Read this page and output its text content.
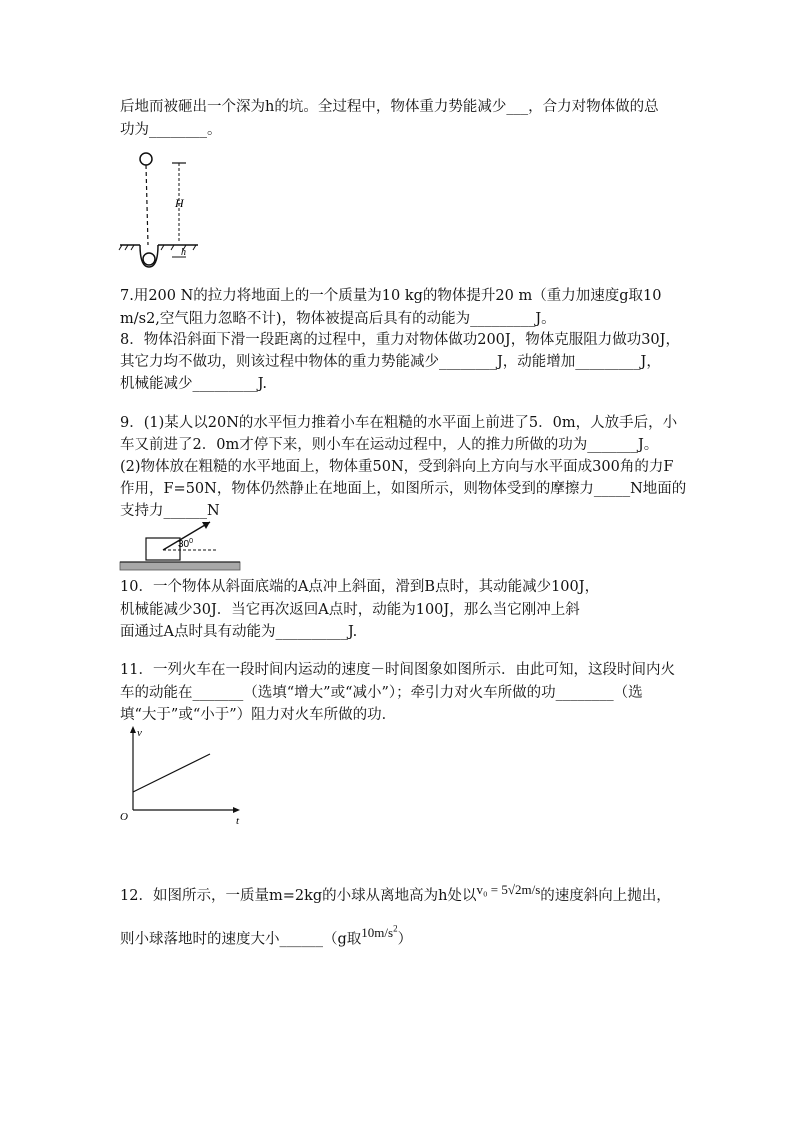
后地而被砸出一个深为h的坑。全过程中，物体重力势能减少___，合力对物体做的总
功为________。
H
h
7.用200 N的拉力将地面上的一个质量为10 kg的物体提升20 m（重力加速度g取10
m/s2,空气阻力忽略不计)，物体被提高后具有的动能为_________J。
8．物体沿斜面下滑一段距离的过程中，重力对物体做功200J，物体克服阻力做功30J，
其它力均不做功，则该过程中物体的重力势能减少________J，动能增加_________J，
机械能减少_________J.
9．(1)某人以20N的水平恒力推着小车在粗糙的水平面上前进了5．0m，人放手后，小
车又前进了2．0m才停下来，则小车在运动过程中，人的推力所做的功为_______J。
(2)物体放在粗糙的水平地面上，物体重50N，受到斜向上方向与水平面成300角的力F
作用，F=50N，物体仍然静止在地面上，如图所示，则物体受到的摩擦力_____N地面的
支持力______N
$30^0$
10．一个物体从斜面底端的A点冲上斜面，滑到B点时，其动能减少100J，
机械能减少30J．当它再次返回A点时，动能为100J，那么当它刚冲上斜
面通过A点时具有动能为__________J.
11．一列火车在一段时间内运动的速度－时间图象如图所示．由此可知，这段时间内火
车的动能在_______（选填“增大”或“减小”）；牵引力对火车所做的功________（选
填“大于”或“小于”）阻力对火车所做的功．
v
O	t
12．如图所示，一质量m=2kg的小球从离地高为h处以v₀ = 5√2m/s的速度斜向上抛出，
则小球落地时的速度大小______（g取$10m/s^2$）
